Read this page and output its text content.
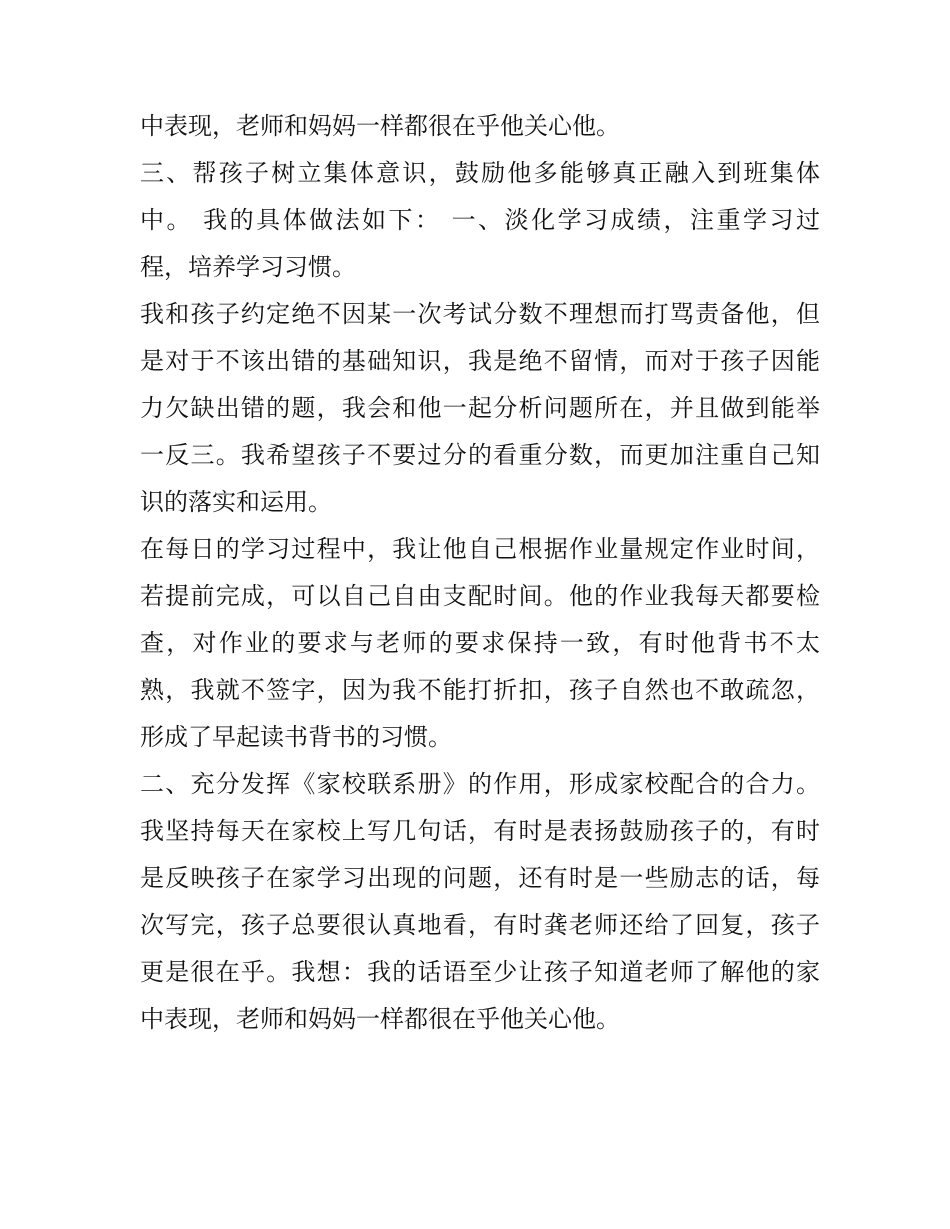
中表现，老师和妈妈一样都很在乎他关心他。
三、帮孩子树立集体意识，鼓励他多能够真正融入到班集体
中。 我的具体做法如下： 一、淡化学习成绩，注重学习过
程，培养学习习惯。
我和孩子约定绝不因某一次考试分数不理想而打骂责备他，但
是对于不该出错的基础知识，我是绝不留情，而对于孩子因能
力欠缺出错的题，我会和他一起分析问题所在，并且做到能举
一反三。我希望孩子不要过分的看重分数，而更加注重自己知
识的落实和运用。
在每日的学习过程中，我让他自己根据作业量规定作业时间，
若提前完成，可以自己自由支配时间。他的作业我每天都要检
查，对作业的要求与老师的要求保持一致，有时他背书不太
熟，我就不签字，因为我不能打折扣，孩子自然也不敢疏忽，
形成了早起读书背书的习惯。
二、充分发挥《家校联系册》的作用，形成家校配合的合力。
我坚持每天在家校上写几句话，有时是表扬鼓励孩子的，有时
是反映孩子在家学习出现的问题，还有时是一些励志的话，每
次写完，孩子总要很认真地看，有时龚老师还给了回复，孩子
更是很在乎。我想：我的话语至少让孩子知道老师了解他的家
中表现，老师和妈妈一样都很在乎他关心他。
